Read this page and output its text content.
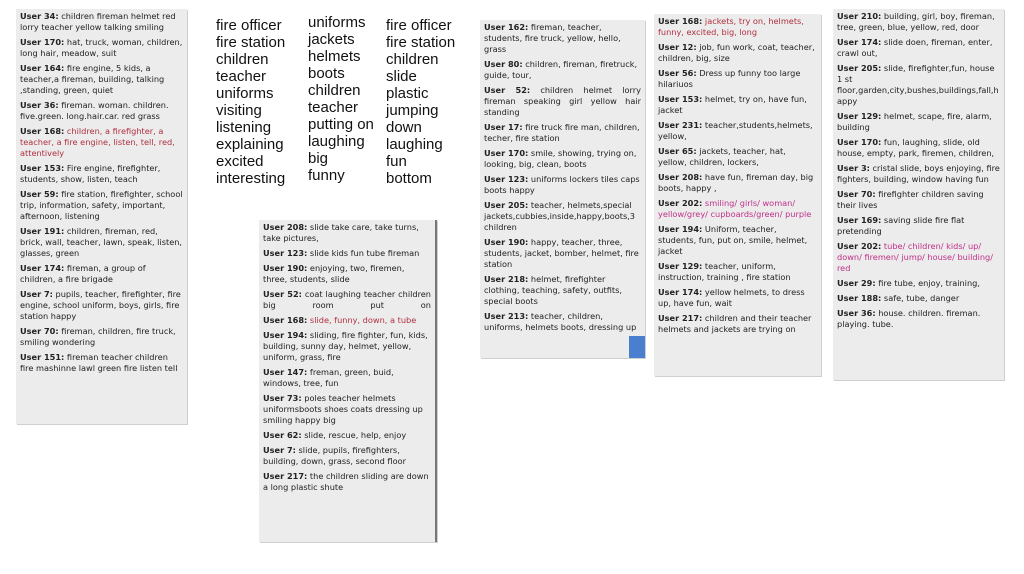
fire officer
fire station
children
teacher
uniforms
visiting
listening
explaining
excited
interesting
uniforms
jackets
helmets
boots
children
teacher
putting on
laughing
big
funny
fire officer
fire station
children
slide
plastic
jumping
down
laughing
fun
bottom
User 34: children fireman helmet red lorry teacher yellow talking smiling
User 170: hat, truck, woman, children, long hair, meadow, suit
User 164: fire engine, 5 kids, a teacher,a fireman, building, talking ,standing, green, quiet
User 36: fireman. woman. children. five.green. long.hair.car. red grass
User 168: children, a firefighter, a teacher, a fire engine, listen, tell, red, attentively
User 153: Fire engine, firefighter, students, show, listen, teach
User 59: fire station, firefighter, school trip, information, safety, important, afternoon, listening
User 191: children, fireman, red, brick, wall, teacher, lawn, speak, listen, glasses, green
User 174: fireman, a group of children, a fire brigade
User 7: pupils, teacher, firefighter, fire engine, school uniform, boys, girls, fire station happy
User 70: fireman, children, fire truck, smiling wondering
User 151: fireman teacher children fire mashinne lawl green fire listen tell
User 208: slide take care, take turns, take pictures,
User 123: slide kids fun tube fireman
User 190: enjoying, two, firemen, three, students, slide
User 52: coat laughing teacher children big room put on
User 168: slide, funny, down, a tube
User 194: sliding, fire fighter, fun, kids, building, sunny day, helmet, yellow, uniform, grass, fire
User 147: freman, green, buid, windows, tree, fun
User 73: poles teacher helmets uniformsboots shoes coats dressing up smiling happy big
User 62: slide, rescue, help, enjoy
User 7: slide, pupils, firefighters, building, down, grass, second floor
User 217: the children sliding are down a long plastic shute
User 162: fireman, teacher, students, fire truck, yellow, hello, grass
User 80: children, fireman, firetruck, guide, tour,
User 52: children helmet lorry fireman speaking girl yellow hair standing
User 17: fire truck fire man, children, techer, fire station
User 170: smile, showing, trying on, looking, big, clean, boots
User 123: uniforms lockers tiles caps boots happy
User 205: teacher, helmets,special jackets,cubbies,inside,happy,boots,3 children
User 190: happy, teacher, three, students, jacket, bomber, helmet, fire station
User 218: helmet, firefighter clothing, teaching, safety, outfits, special boots
User 213: teacher, children, uniforms, helmets boots, dressing up
User 168: jackets, try on, helmets, funny, excited, big, long
User 12: job, fun work, coat, teacher, children, big, size
User 56: Dress up funny too large hilariuos
User 153: helmet, try on, have fun, jacket
User 231: teacher,students,helmets, yellow,
User 65: jackets, teacher, hat, yellow, children, lockers,
User 208: have fun, fireman day, big boots, happy ,
User 202: smiling/ girls/ woman/ yellow/grey/ cupboards/green/ purple
User 194: Uniform, teacher, students, fun, put on, smile, helmet, jacket
User 129: teacher, uniform, instruction, training , fire station
User 174: yellow helmets, to dress up, have fun, wait
User 217: children and their teacher helmets and jackets are trying on
User 210: building, girl, boy, fireman, tree, green, blue, yellow, red, door
User 174: slide doen, fireman, enter, crawl out,
User 205: slide, firefighter,fun, house 1 st floor,garden,city,bushes,buildings,fall,happy
User 129: helmet, scape, fire, alarm, building
User 170: fun, laughing, slide, old house, empty, park, firemen, children,
User 3: cristal slide, boys enjoying, fire fighters, building, window having fun
User 70: firefighter children saving their lives
User 169: saving slide fire flat pretending
User 202: tube/ children/ kids/ up/ down/ firemen/ jump/ house/ building/ red
User 29: fire tube, enjoy, training,
User 188: safe, tube, danger
User 36: house. children. fireman. playing. tube.
